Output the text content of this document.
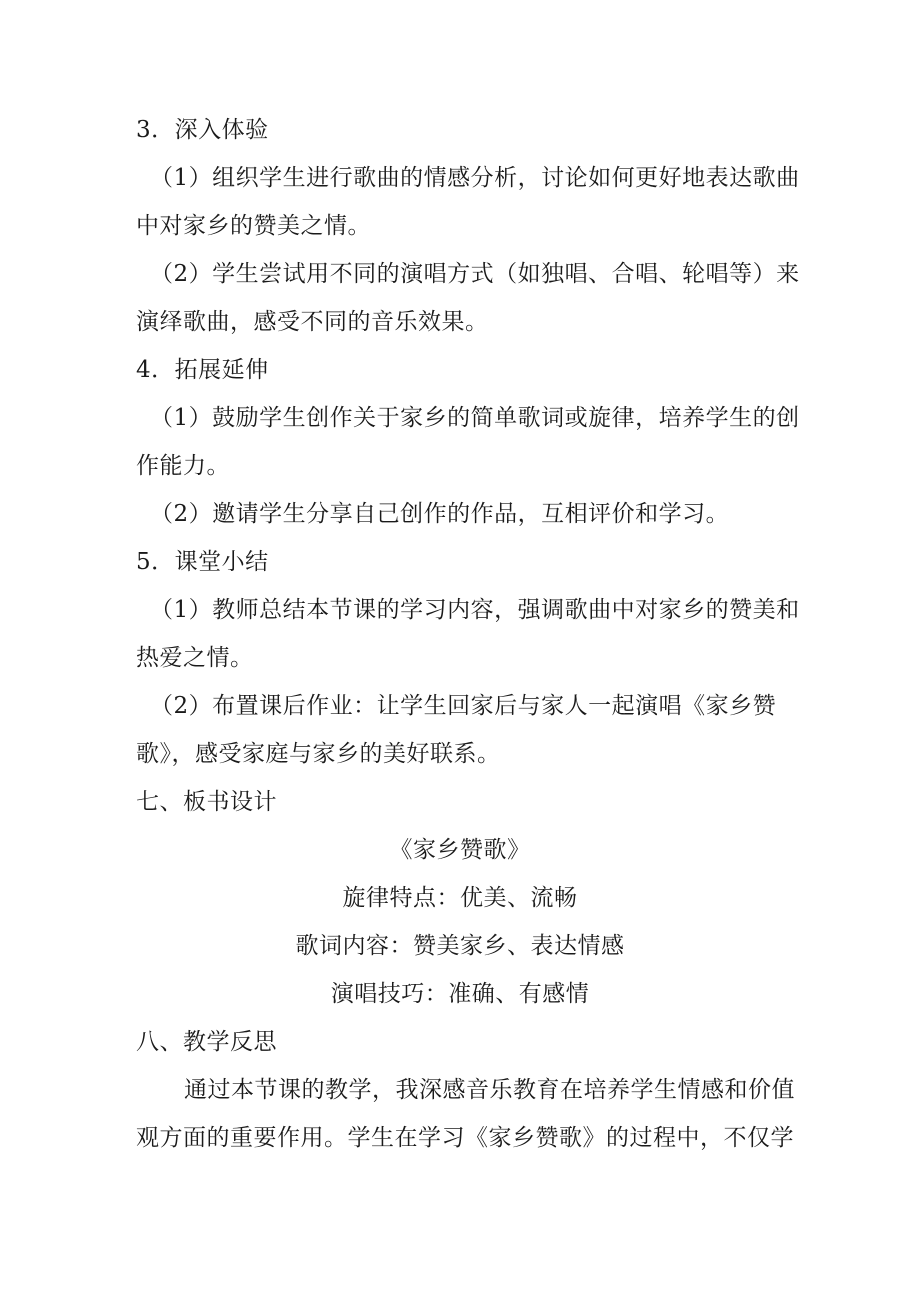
3．深入体验
（1）组织学生进行歌曲的情感分析，讨论如何更好地表达歌曲
中对家乡的赞美之情。
（2）学生尝试用不同的演唱方式（如独唱、合唱、轮唱等）来
演绎歌曲，感受不同的音乐效果。
4．拓展延伸
（1）鼓励学生创作关于家乡的简单歌词或旋律，培养学生的创
作能力。
（2）邀请学生分享自己创作的作品，互相评价和学习。
5．课堂小结
（1）教师总结本节课的学习内容，强调歌曲中对家乡的赞美和
热爱之情。
（2）布置课后作业：让学生回家后与家人一起演唱《家乡赞
歌》，感受家庭与家乡的美好联系。
七、板书设计
《家乡赞歌》
旋律特点：优美、流畅
歌词内容：赞美家乡、表达情感
演唱技巧：准确、有感情
八、教学反思
通过本节课的教学，我深感音乐教育在培养学生情感和价值
观方面的重要作用。学生在学习《家乡赞歌》的过程中，不仅学
